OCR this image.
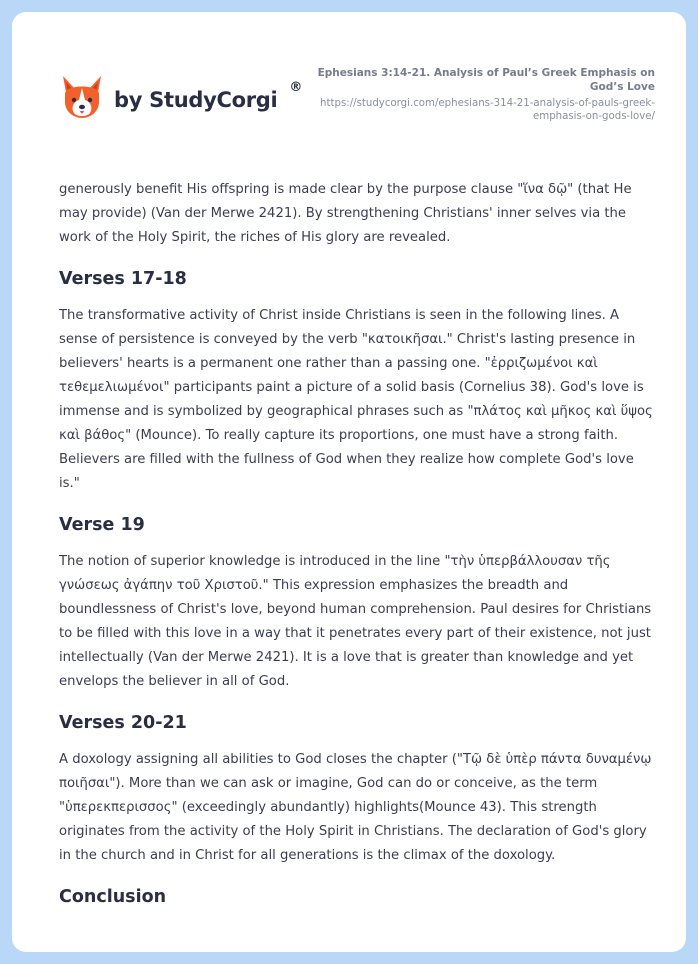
by StudyCorgi
®
Ephesians 3:14-21. Analysis of Paul’s Greek Emphasis on God’s Love
https://studycorgi.com/ephesians-314-21-analysis-of-pauls-greek-emphasis-on-gods-love/

generously benefit His offspring is made clear by the purpose clause "ἵνα δῷ" (that He may provide) (Van der Merwe 2421). By strengthening Christians' inner selves via the work of the Holy Spirit, the riches of His glory are revealed.

Verses 17-18

The transformative activity of Christ inside Christians is seen in the following lines. A sense of persistence is conveyed by the verb "κατοικῆσαι." Christ's lasting presence in believers' hearts is a permanent one rather than a passing one. "ἐρριζωμένοι καὶ τεθεμελιωμένοι" participants paint a picture of a solid basis (Cornelius 38). God's love is immense and is symbolized by geographical phrases such as "πλάτος καὶ μῆκος καὶ ὕψος καὶ βάθος" (Mounce). To really capture its proportions, one must have a strong faith. Believers are filled with the fullness of God when they realize how complete God's love is."

Verse 19

The notion of superior knowledge is introduced in the line "τὴν ὑπερβάλλουσαν τῆς γνώσεως ἀγάπην τοῦ Χριστοῦ." This expression emphasizes the breadth and boundlessness of Christ's love, beyond human comprehension. Paul desires for Christians to be filled with this love in a way that it penetrates every part of their existence, not just intellectually (Van der Merwe 2421). It is a love that is greater than knowledge and yet envelops the believer in all of God.

Verses 20-21

A doxology assigning all abilities to God closes the chapter ("Τῷ δὲ ὑπὲρ πάντα δυναμένῳ ποιῆσαι"). More than we can ask or imagine, God can do or conceive, as the term "ὑπερεκπερισσος" (exceedingly abundantly) highlights(Mounce 43). This strength originates from the activity of the Holy Spirit in Christians. The declaration of God's glory in the church and in Christ for all generations is the climax of the doxology.

Conclusion
